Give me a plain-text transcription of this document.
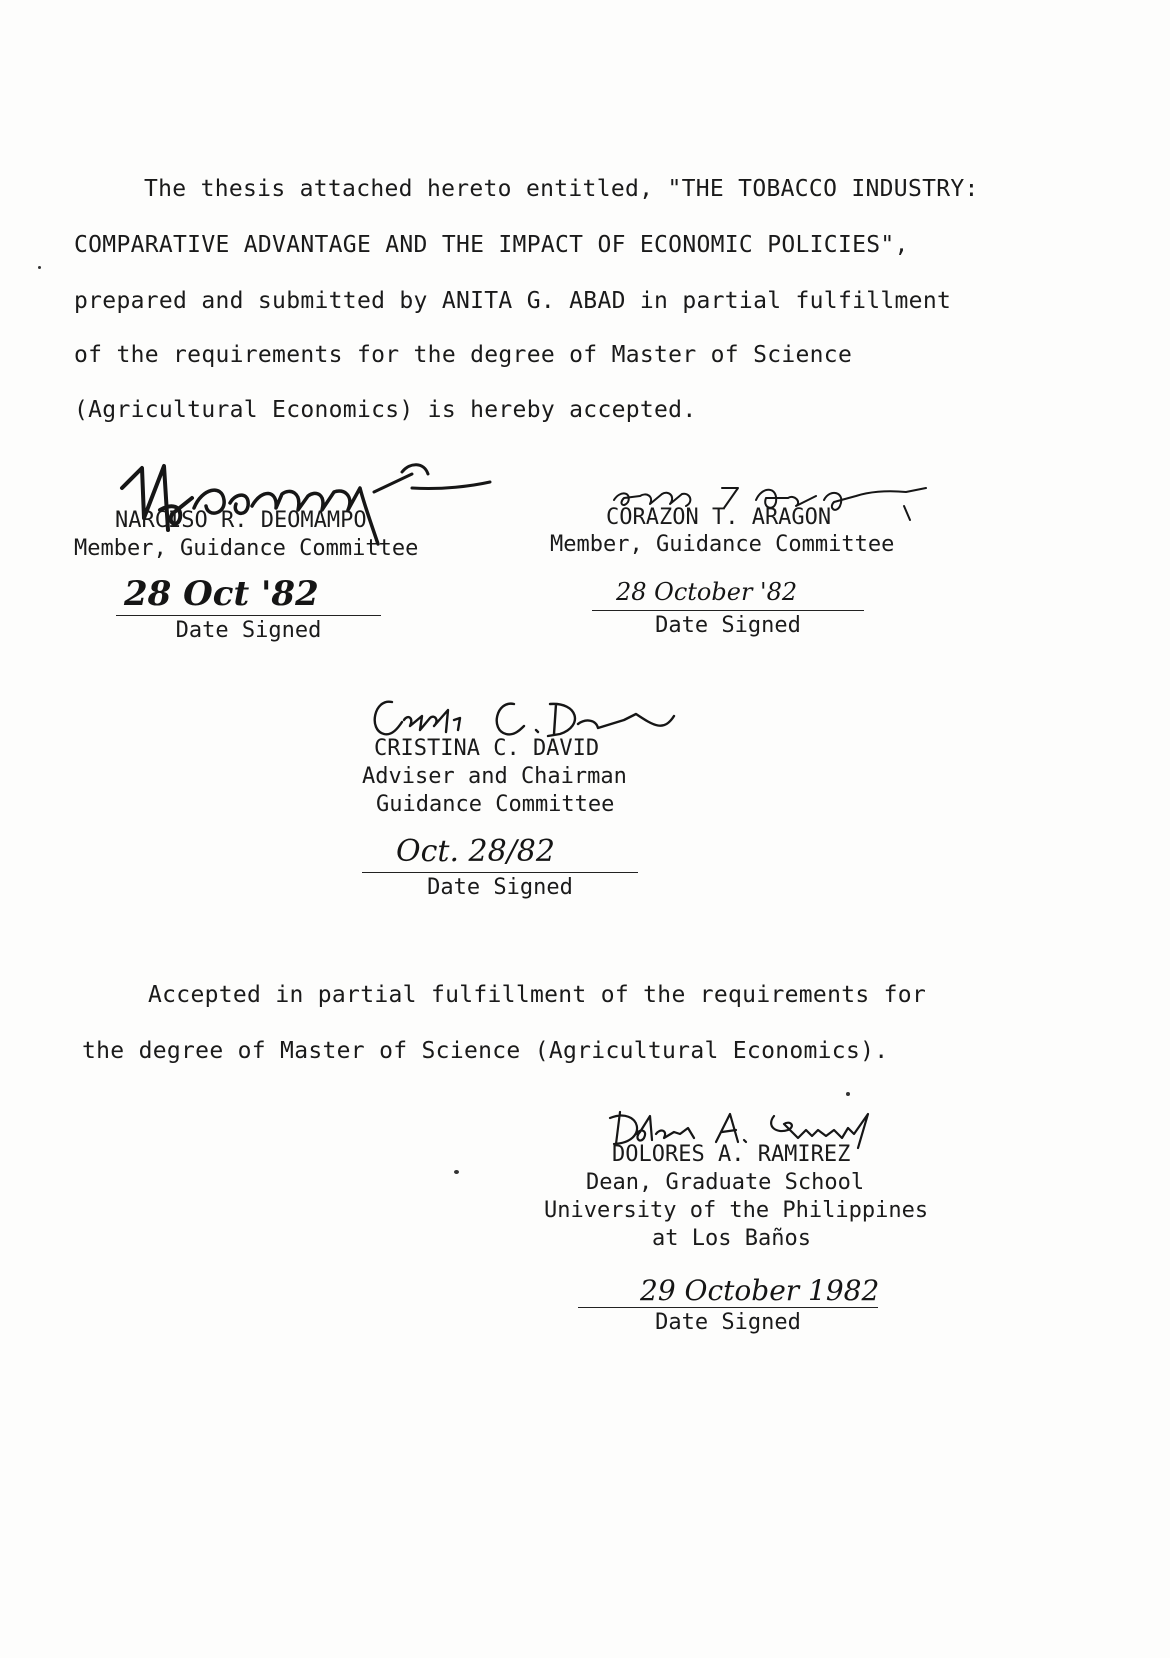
The thesis attached hereto entitled, "THE TOBACCO INDUSTRY:
COMPARATIVE ADVANTAGE AND THE IMPACT OF ECONOMIC POLICIES",
prepared and submitted by ANITA G. ABAD in partial fulfillment
of the requirements for the degree of Master of Science
(Agricultural Economics) is hereby accepted.
NARCISO R. DEOMAMPO
Member, Guidance Committee
28 Oct '82
Date Signed
CORAZON T. ARAGON
Member, Guidance Committee
28 October '82
Date Signed
CRISTINA C. DAVID
Adviser and Chairman
Guidance Committee
Oct. 28/82
Date Signed
Accepted in partial fulfillment of the requirements for
the degree of Master of Science (Agricultural Economics).
DOLORES A. RAMIREZ
Dean, Graduate School
University of the Philippines
at Los Baños
29 October 1982
Date Signed
